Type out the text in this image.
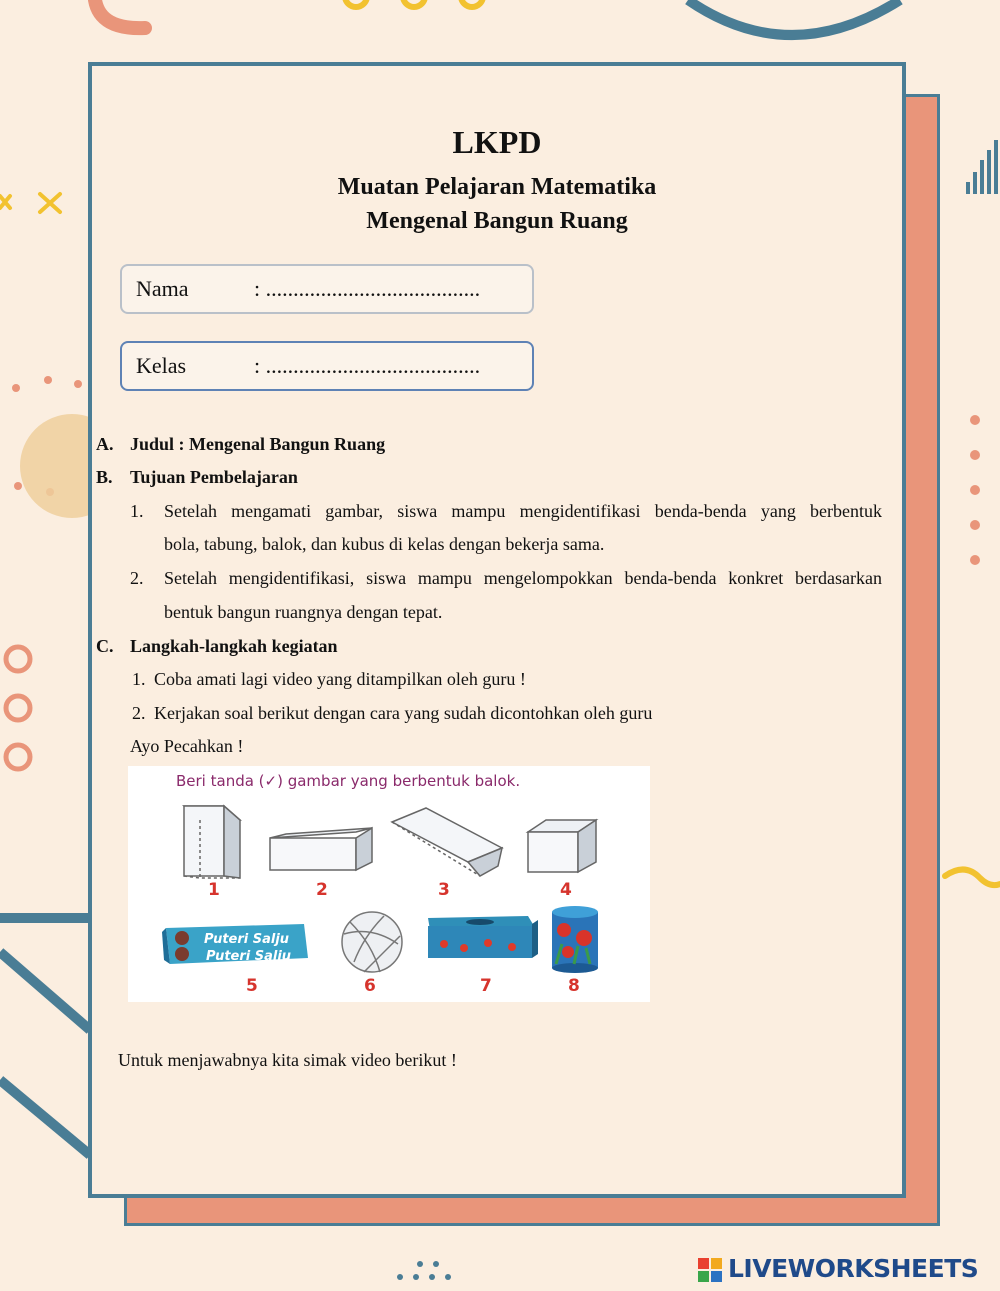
LKPD
Muatan Pelajaran Matematika
Mengenal Bangun Ruang
Nama	: .......................................
Kelas	: .......................................
A. Judul : Mengenal Bangun Ruang
B. Tujuan Pembelajaran
1. Setelah mengamati gambar, siswa mampu mengidentifikasi benda-benda yang berbentuk
bola, tabung, balok, dan kubus di kelas dengan bekerja sama.
2. Setelah mengidentifikasi, siswa mampu mengelompokkan benda-benda konkret berdasarkan
bentuk bangun ruangnya dengan tepat.
C. Langkah-langkah kegiatan
1. Coba amati lagi video yang ditampilkan oleh guru !
2. Kerjakan soal berikut dengan cara yang sudah dicontohkan oleh guru
Ayo Pecahkan !
Beri tanda (✓) gambar yang berbentuk balok.
Puteri Salju
Puteri Salju
1	2	3	4
5	6	7	8
Untuk menjawabnya kita simak video berikut !
LIVEWORKSHEETS
